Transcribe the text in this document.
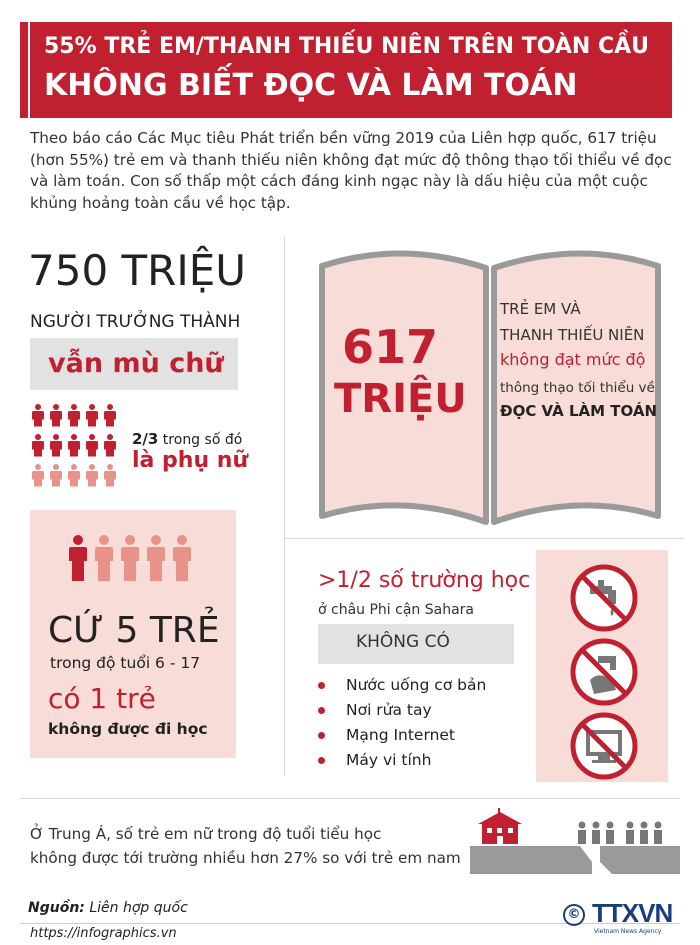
55% TRẺ EM/THANH THIẾU NIÊN TRÊN TOÀN CẦU
KHÔNG BIẾT ĐỌC VÀ LÀM TOÁN
Theo báo cáo Các Mục tiêu Phát triển bền vững 2019 của Liên hợp quốc, 617 triệu (hơn 55%) trẻ em và thanh thiếu niên không đạt mức độ thông thạo tối thiểu về đọc và làm toán. Con số thấp một cách đáng kinh ngạc này là dấu hiệu của một cuộc khủng hoảng toàn cầu về học tập.
750 TRIỆU
NGƯỜI TRƯỞNG THÀNH
vẫn mù chữ
2/3 trong số đó
là phụ nữ
CỨ 5 TRẺ
trong độ tuổi 6 - 17
có 1 trẻ
không được đi học
617
TRIỆU
TRẺ EM VÀ
THANH THIẾU NIÊN
không đạt mức độ
thông thạo tối thiểu về
ĐỌC VÀ LÀM TOÁN
>1/2 số trường học
ở châu Phi cận Sahara
KHÔNG CÓ
Nước uống cơ bản
Nơi rửa tay
Mạng Internet
Máy vi tính
Ở Trung Á, số trẻ em nữ trong độ tuổi tiểu học
không được tới trường nhiều hơn 27% so với trẻ em nam
Nguồn: Liên hợp quốc
https://infographics.vn
© TTXVN
Vietnam News Agency
